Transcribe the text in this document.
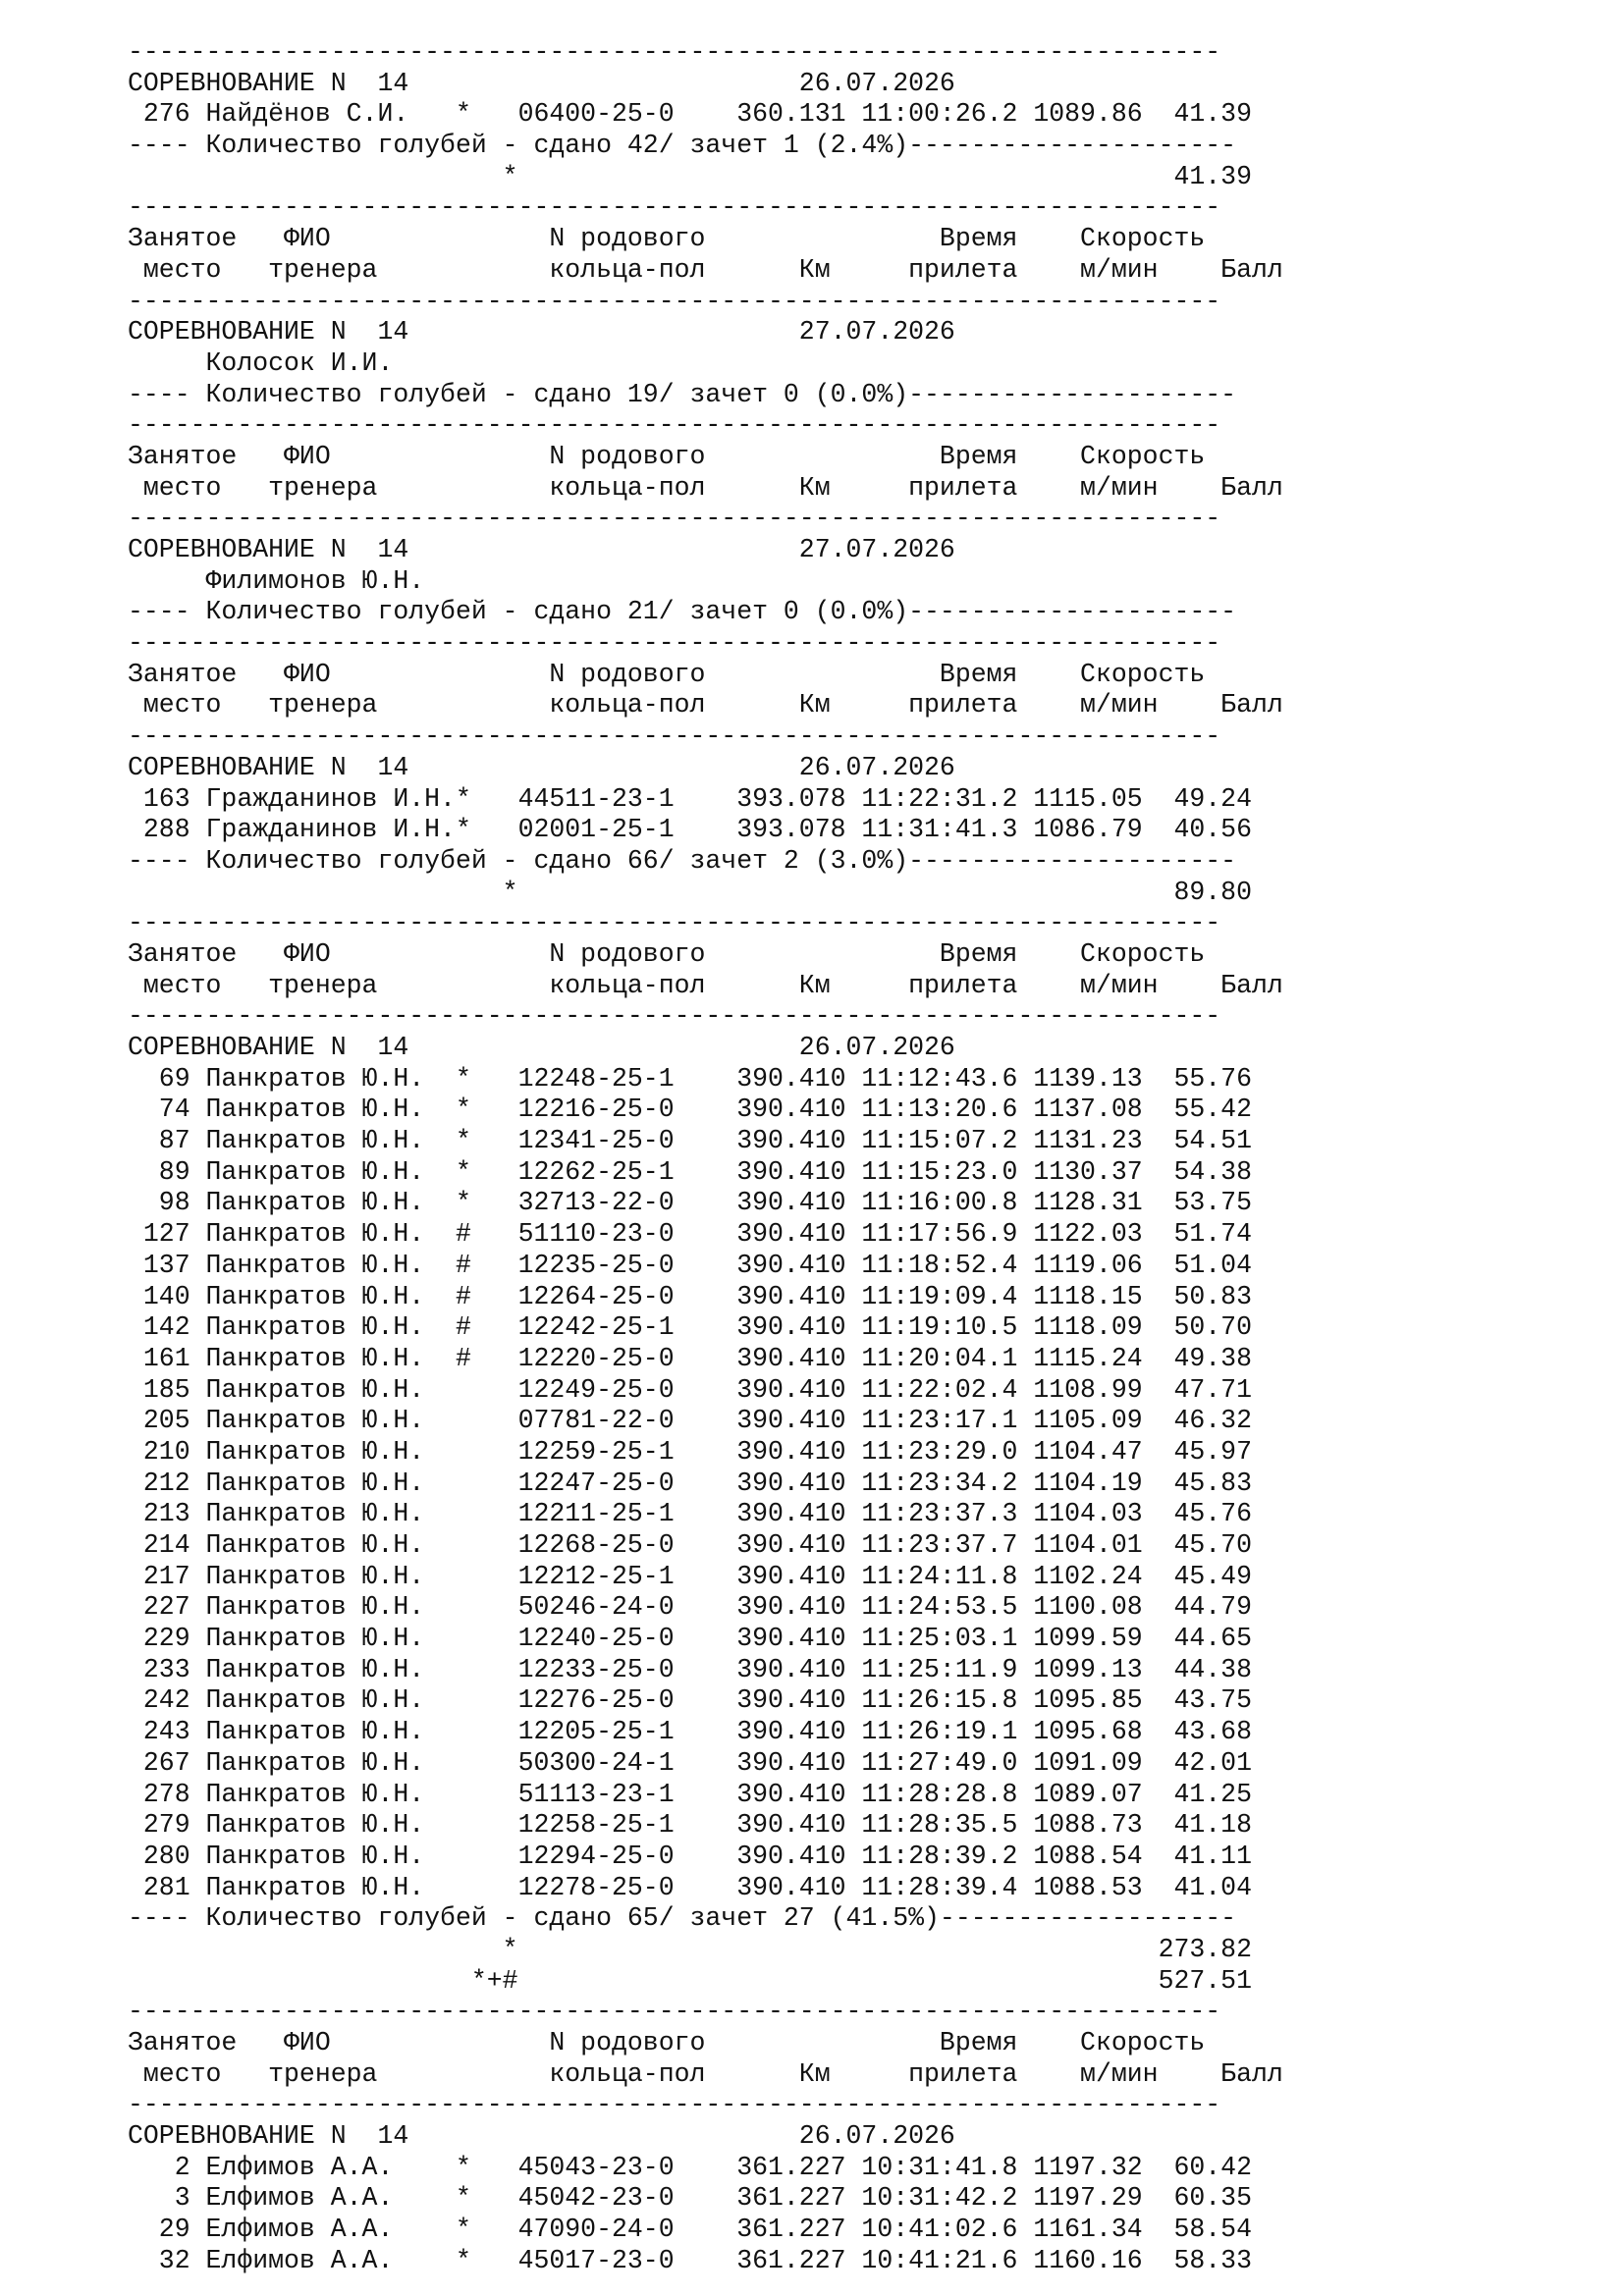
----------------------------------------------------------------------
СОРЕВНОВАНИЕ N  14                         26.07.2026
276 Найдёнов С.И.   *   06400-25-0    360.131 11:00:26.2 1089.86  41.39
---- Количество голубей - сдано 42/ зачет 1 (2.4%)---------------------
*                                          41.39
----------------------------------------------------------------------
Занятое   ФИО              N родового               Время    Скорость
место   тренера           кольца-пол      Км     прилета    м/мин    Балл
----------------------------------------------------------------------
СОРЕВНОВАНИЕ N  14                         27.07.2026
Колосок И.И.
---- Количество голубей - сдано 19/ зачет 0 (0.0%)---------------------
----------------------------------------------------------------------
Занятое   ФИО              N родового               Время    Скорость
место   тренера           кольца-пол      Км     прилета    м/мин    Балл
----------------------------------------------------------------------
СОРЕВНОВАНИЕ N  14                         27.07.2026
Филимонов Ю.Н.
---- Количество голубей - сдано 21/ зачет 0 (0.0%)---------------------
----------------------------------------------------------------------
Занятое   ФИО              N родового               Время    Скорость
место   тренера           кольца-пол      Км     прилета    м/мин    Балл
----------------------------------------------------------------------
СОРЕВНОВАНИЕ N  14                         26.07.2026
163 Гражданинов И.Н.*   44511-23-1    393.078 11:22:31.2 1115.05  49.24
288 Гражданинов И.Н.*   02001-25-1    393.078 11:31:41.3 1086.79  40.56
---- Количество голубей - сдано 66/ зачет 2 (3.0%)---------------------
*                                          89.80
----------------------------------------------------------------------
Занятое   ФИО              N родового               Время    Скорость
место   тренера           кольца-пол      Км     прилета    м/мин    Балл
----------------------------------------------------------------------
СОРЕВНОВАНИЕ N  14                         26.07.2026
69 Панкратов Ю.Н.  *   12248-25-1    390.410 11:12:43.6 1139.13  55.76
74 Панкратов Ю.Н.  *   12216-25-0    390.410 11:13:20.6 1137.08  55.42
87 Панкратов Ю.Н.  *   12341-25-0    390.410 11:15:07.2 1131.23  54.51
89 Панкратов Ю.Н.  *   12262-25-1    390.410 11:15:23.0 1130.37  54.38
98 Панкратов Ю.Н.  *   32713-22-0    390.410 11:16:00.8 1128.31  53.75
127 Панкратов Ю.Н.  #   51110-23-0    390.410 11:17:56.9 1122.03  51.74
137 Панкратов Ю.Н.  #   12235-25-0    390.410 11:18:52.4 1119.06  51.04
140 Панкратов Ю.Н.  #   12264-25-0    390.410 11:19:09.4 1118.15  50.83
142 Панкратов Ю.Н.  #   12242-25-1    390.410 11:19:10.5 1118.09  50.70
161 Панкратов Ю.Н.  #   12220-25-0    390.410 11:20:04.1 1115.24  49.38
185 Панкратов Ю.Н.      12249-25-0    390.410 11:22:02.4 1108.99  47.71
205 Панкратов Ю.Н.      07781-22-0    390.410 11:23:17.1 1105.09  46.32
210 Панкратов Ю.Н.      12259-25-1    390.410 11:23:29.0 1104.47  45.97
212 Панкратов Ю.Н.      12247-25-0    390.410 11:23:34.2 1104.19  45.83
213 Панкратов Ю.Н.      12211-25-1    390.410 11:23:37.3 1104.03  45.76
214 Панкратов Ю.Н.      12268-25-0    390.410 11:23:37.7 1104.01  45.70
217 Панкратов Ю.Н.      12212-25-1    390.410 11:24:11.8 1102.24  45.49
227 Панкратов Ю.Н.      50246-24-0    390.410 11:24:53.5 1100.08  44.79
229 Панкратов Ю.Н.      12240-25-0    390.410 11:25:03.1 1099.59  44.65
233 Панкратов Ю.Н.      12233-25-0    390.410 11:25:11.9 1099.13  44.38
242 Панкратов Ю.Н.      12276-25-0    390.410 11:26:15.8 1095.85  43.75
243 Панкратов Ю.Н.      12205-25-1    390.410 11:26:19.1 1095.68  43.68
267 Панкратов Ю.Н.      50300-24-1    390.410 11:27:49.0 1091.09  42.01
278 Панкратов Ю.Н.      51113-23-1    390.410 11:28:28.8 1089.07  41.25
279 Панкратов Ю.Н.      12258-25-1    390.410 11:28:35.5 1088.73  41.18
280 Панкратов Ю.Н.      12294-25-0    390.410 11:28:39.2 1088.54  41.11
281 Панкратов Ю.Н.      12278-25-0    390.410 11:28:39.4 1088.53  41.04
---- Количество голубей - сдано 65/ зачет 27 (41.5%)-------------------
*                                         273.82
*+#                                         527.51
----------------------------------------------------------------------
Занятое   ФИО              N родового               Время    Скорость
место   тренера           кольца-пол      Км     прилета    м/мин    Балл
----------------------------------------------------------------------
СОРЕВНОВАНИЕ N  14                         26.07.2026
2 Елфимов А.А.    *   45043-23-0    361.227 10:31:41.8 1197.32  60.42
3 Елфимов А.А.    *   45042-23-0    361.227 10:31:42.2 1197.29  60.35
29 Елфимов А.А.    *   47090-24-0    361.227 10:41:02.6 1161.34  58.54
32 Елфимов А.А.    *   45017-23-0    361.227 10:41:21.6 1160.16  58.33
